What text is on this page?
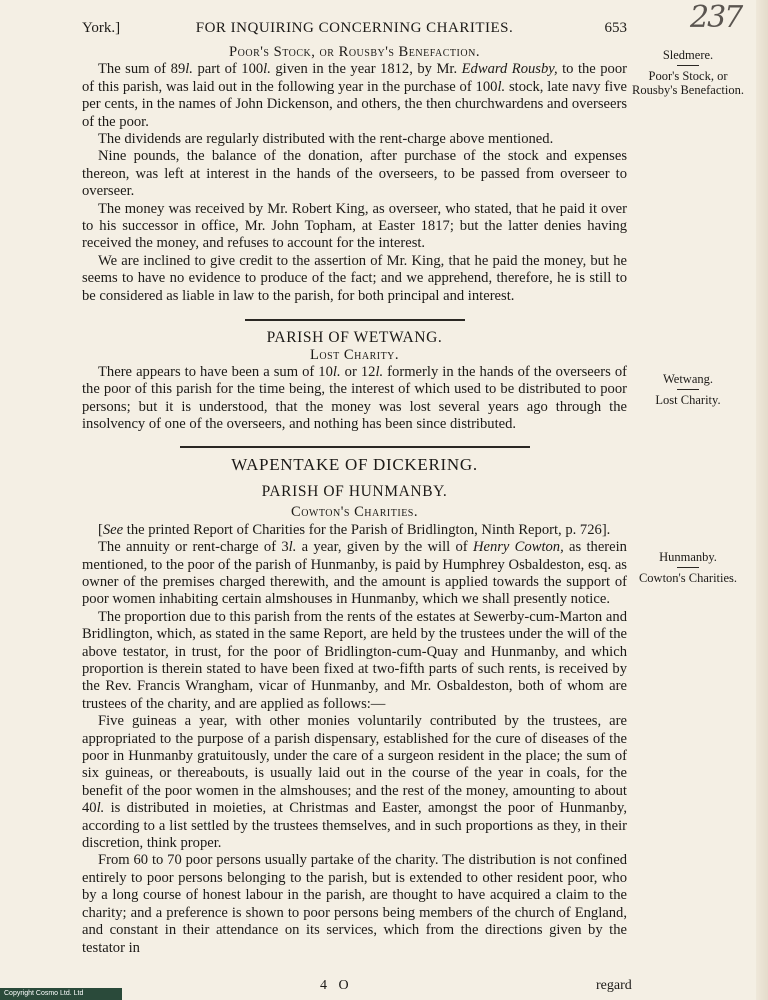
York.]	FOR INQUIRING CONCERNING CHARITIES.	653 237
Poor's Stock, or Rousby's Benefaction.

The sum of 89l. part of 100l. given in the year 1812, by Mr. Edward Rousby, to the poor of this parish, was laid out in the following year in the purchase of 100l. stock, late navy five per cents, in the names of John Dickenson, and others, the then churchwardens and overseers of the poor.

The dividends are regularly distributed with the rent-charge above mentioned.

Nine pounds, the balance of the donation, after purchase of the stock and expenses thereon, was left at interest in the hands of the overseers, to be passed from overseer to overseer.

The money was received by Mr. Robert King, as overseer, who stated, that he paid it over to his successor in office, Mr. John Topham, at Easter 1817; but the latter denies having received the money, and refuses to account for the interest.

We are inclined to give credit to the assertion of Mr. King, that he paid the money, but he seems to have no evidence to produce of the fact; and we apprehend, therefore, he is still to be considered as liable in law to the parish, for both principal and interest.

PARISH OF WETWANG.
Lost Charity.

There appears to have been a sum of 10l. or 12l. formerly in the hands of the overseers of the poor of this parish for the time being, the interest of which used to be distributed to poor persons; but it is understood, that the money was lost several years ago through the insolvency of one of the overseers, and nothing has been since distributed.

WAPENTAKE OF DICKERING.
PARISH OF HUNMANBY.
Cowton's Charities.

[See the printed Report of Charities for the Parish of Bridlington, Ninth Report, p. 726].

The annuity or rent-charge of 3l. a year, given by the will of Henry Cowton, as therein mentioned, to the poor of the parish of Hunmanby, is paid by Humphrey Osbaldeston, esq. as owner of the premises charged therewith, and the amount is applied towards the support of poor women inhabiting certain almshouses in Hunmanby, which we shall presently notice.

The proportion due to this parish from the rents of the estates at Sewerby-cum-Marton and Bridlington, which, as stated in the same Report, are held by the trustees under the will of the above testator, in trust, for the poor of Bridlington-cum-Quay and Hunmanby, and which proportion is therein stated to have been fixed at two-fifth parts of such rents, is received by the Rev. Francis Wrangham, vicar of Hunmanby, and Mr. Osbaldeston, both of whom are trustees of the charity, and are applied as follows:—

Five guineas a year, with other monies voluntarily contributed by the trustees, are appropriated to the purpose of a parish dispensary, established for the cure of diseases of the poor in Hunmanby gratuitously, under the care of a surgeon resident in the place; the sum of six guineas, or thereabouts, is usually laid out in the course of the year in coals, for the benefit of the poor women in the almshouses; and the rest of the money, amounting to about 40l. is distributed in moieties, at Christmas and Easter, amongst the poor of Hunmanby, according to a list settled by the trustees themselves, and in such proportions as they, in their discretion, think proper.

From 60 to 70 poor persons usually partake of the charity. The distribution is not confined entirely to poor persons belonging to the parish, but is extended to other resident poor, who by a long course of honest labour in the parish, are thought to have acquired a claim to the charity; and a preference is shown to poor persons being members of the church of England, and constant in their attendance on its services, which from the directions given by the testator in

Sledmere.
Poor's Stock, or Rousby's Benefaction.
Wetwang.
Lost Charity.
Hunmanby.
Cowton's Charities.
4 O	regard
Copyright Cosmo Ltd. Ltd
